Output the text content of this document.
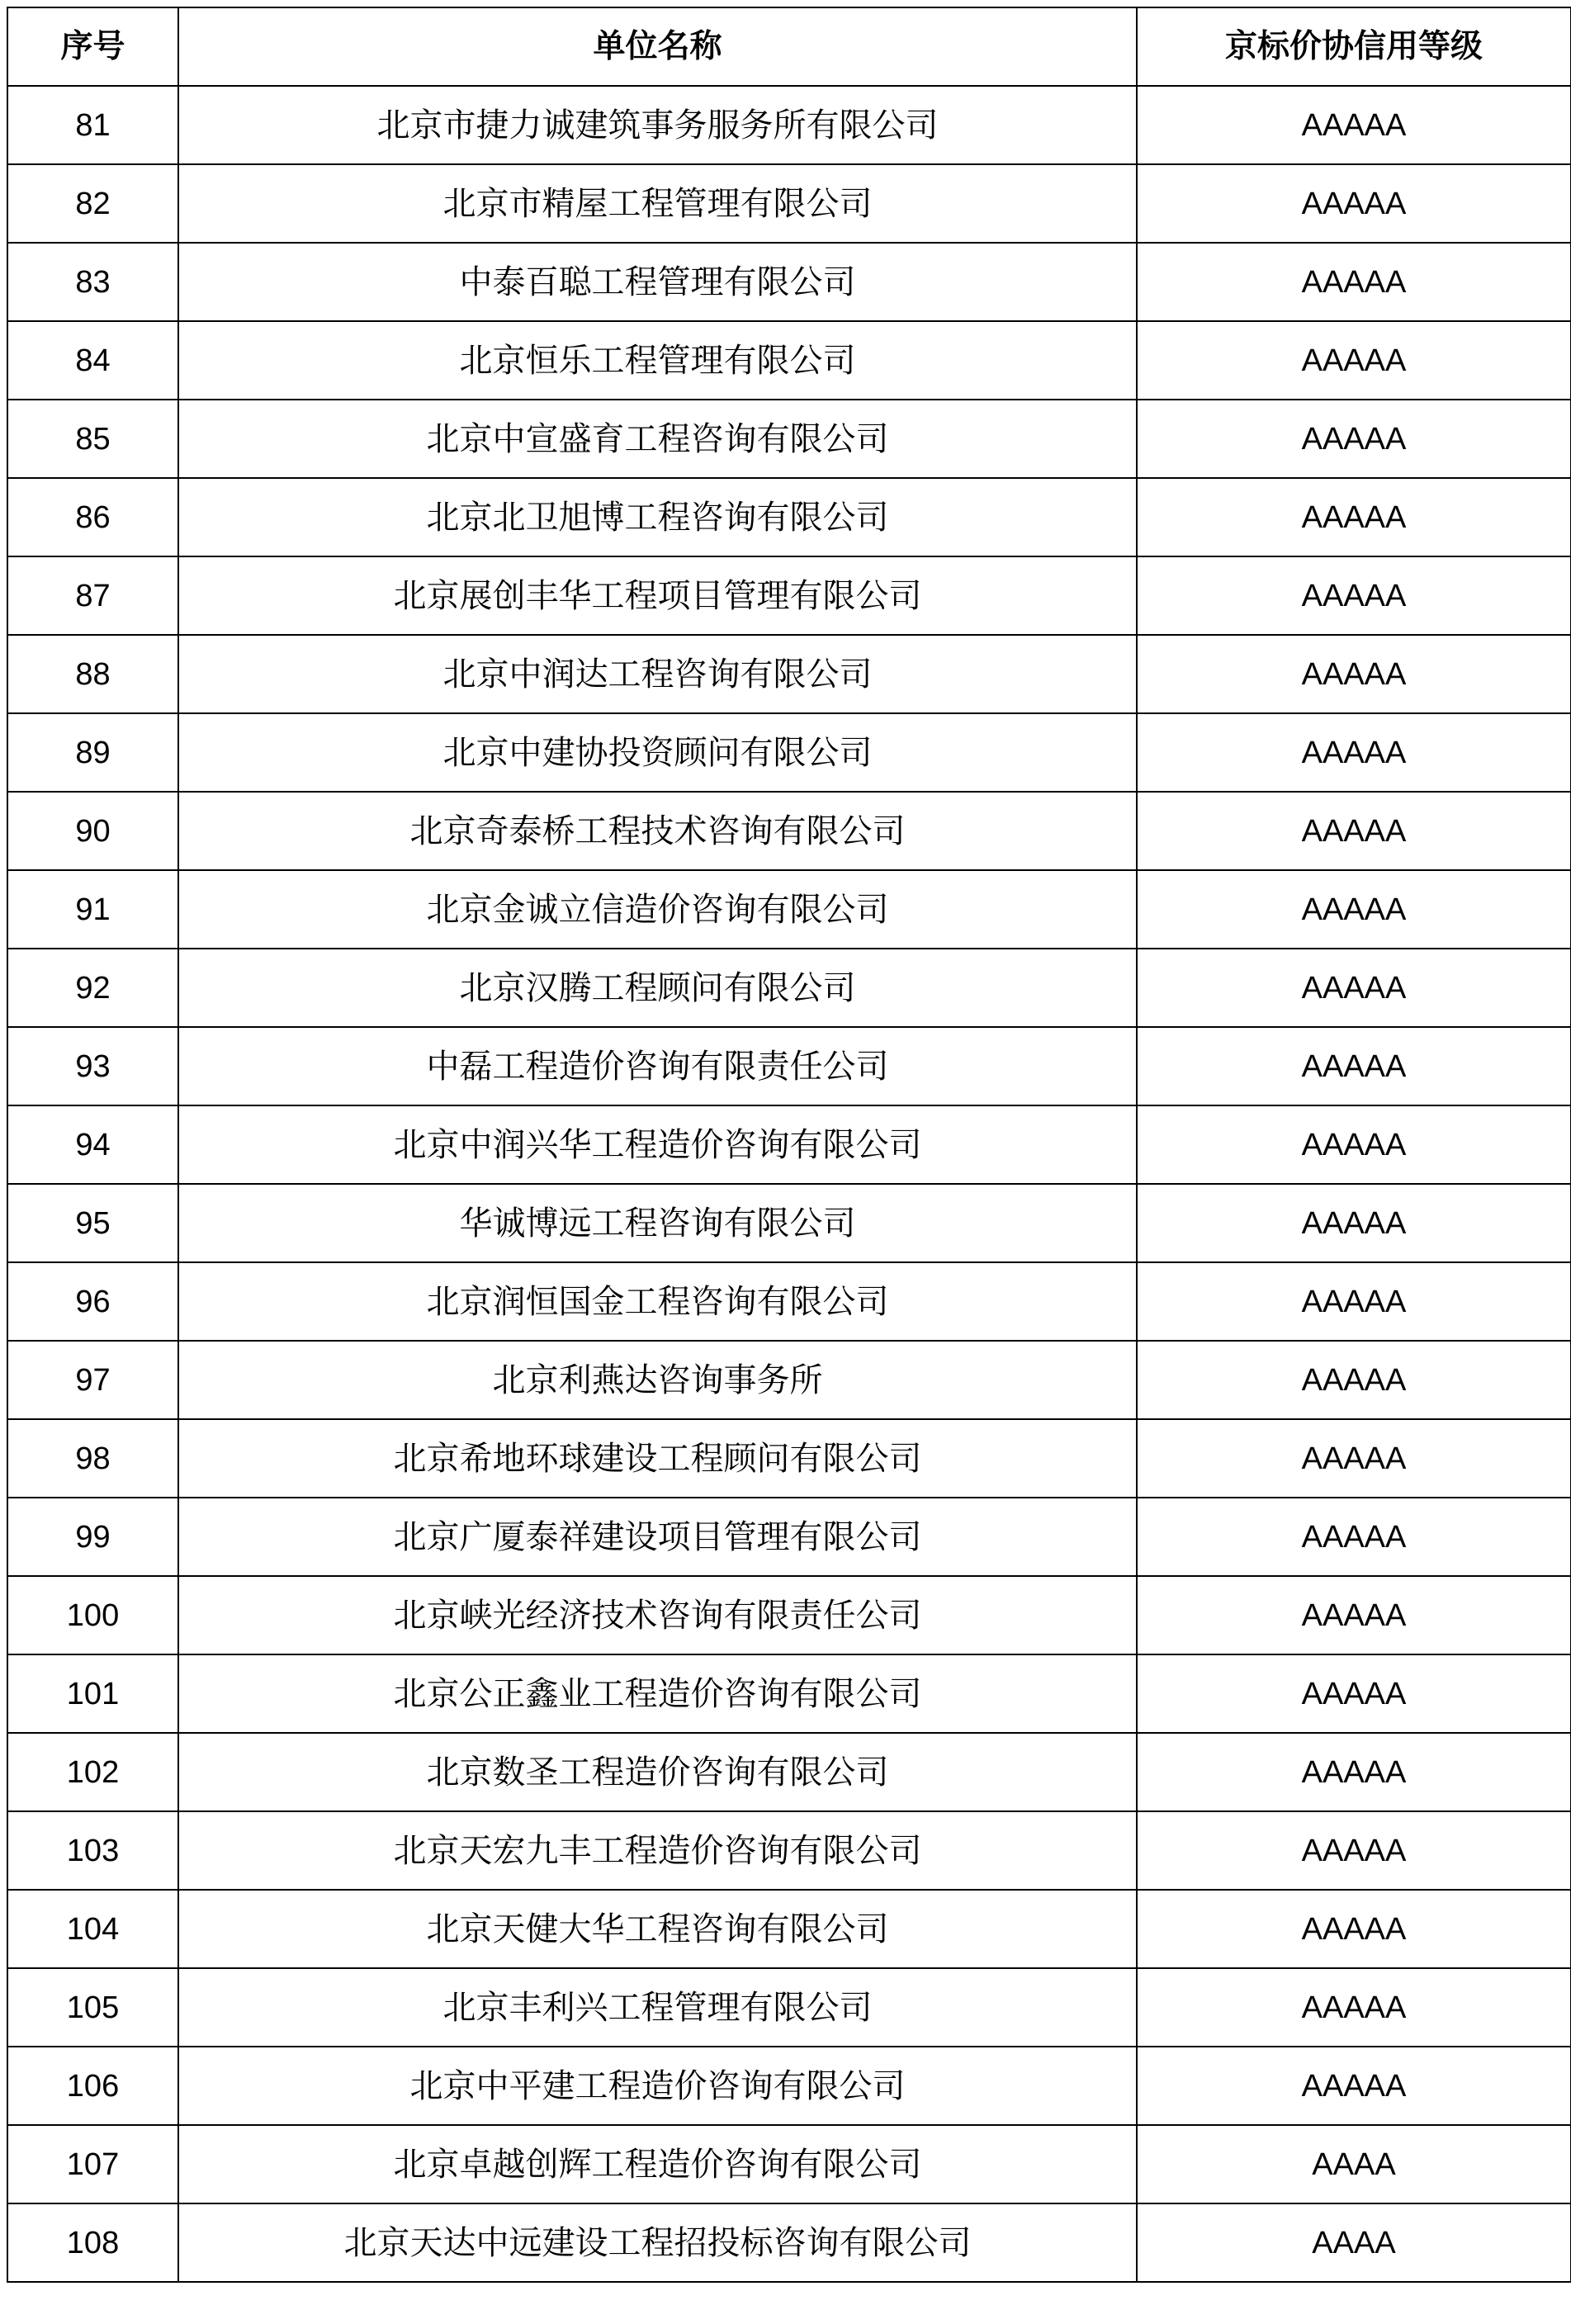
序号	单位名称	京标价协信用等级
81	北京市捷力诚建筑事务服务所有限公司	AAAAA
82	北京市精屋工程管理有限公司	AAAAA
83	中泰百聪工程管理有限公司	AAAAA
84	北京恒乐工程管理有限公司	AAAAA
85	北京中宣盛育工程咨询有限公司	AAAAA
86	北京北卫旭博工程咨询有限公司	AAAAA
87	北京展创丰华工程项目管理有限公司	AAAAA
88	北京中润达工程咨询有限公司	AAAAA
89	北京中建协投资顾问有限公司	AAAAA
90	北京奇泰桥工程技术咨询有限公司	AAAAA
91	北京金诚立信造价咨询有限公司	AAAAA
92	北京汉腾工程顾问有限公司	AAAAA
93	中磊工程造价咨询有限责任公司	AAAAA
94	北京中润兴华工程造价咨询有限公司	AAAAA
95	华诚博远工程咨询有限公司	AAAAA
96	北京润恒国金工程咨询有限公司	AAAAA
97	北京利燕达咨询事务所	AAAAA
98	北京希地环球建设工程顾问有限公司	AAAAA
99	北京广厦泰祥建设项目管理有限公司	AAAAA
100	北京峡光经济技术咨询有限责任公司	AAAAA
101	北京公正鑫业工程造价咨询有限公司	AAAAA
102	北京数圣工程造价咨询有限公司	AAAAA
103	北京天宏九丰工程造价咨询有限公司	AAAAA
104	北京天健大华工程咨询有限公司	AAAAA
105	北京丰利兴工程管理有限公司	AAAAA
106	北京中平建工程造价咨询有限公司	AAAAA
107	北京卓越创辉工程造价咨询有限公司	AAAA
108	北京天达中远建设工程招投标咨询有限公司	AAAA
